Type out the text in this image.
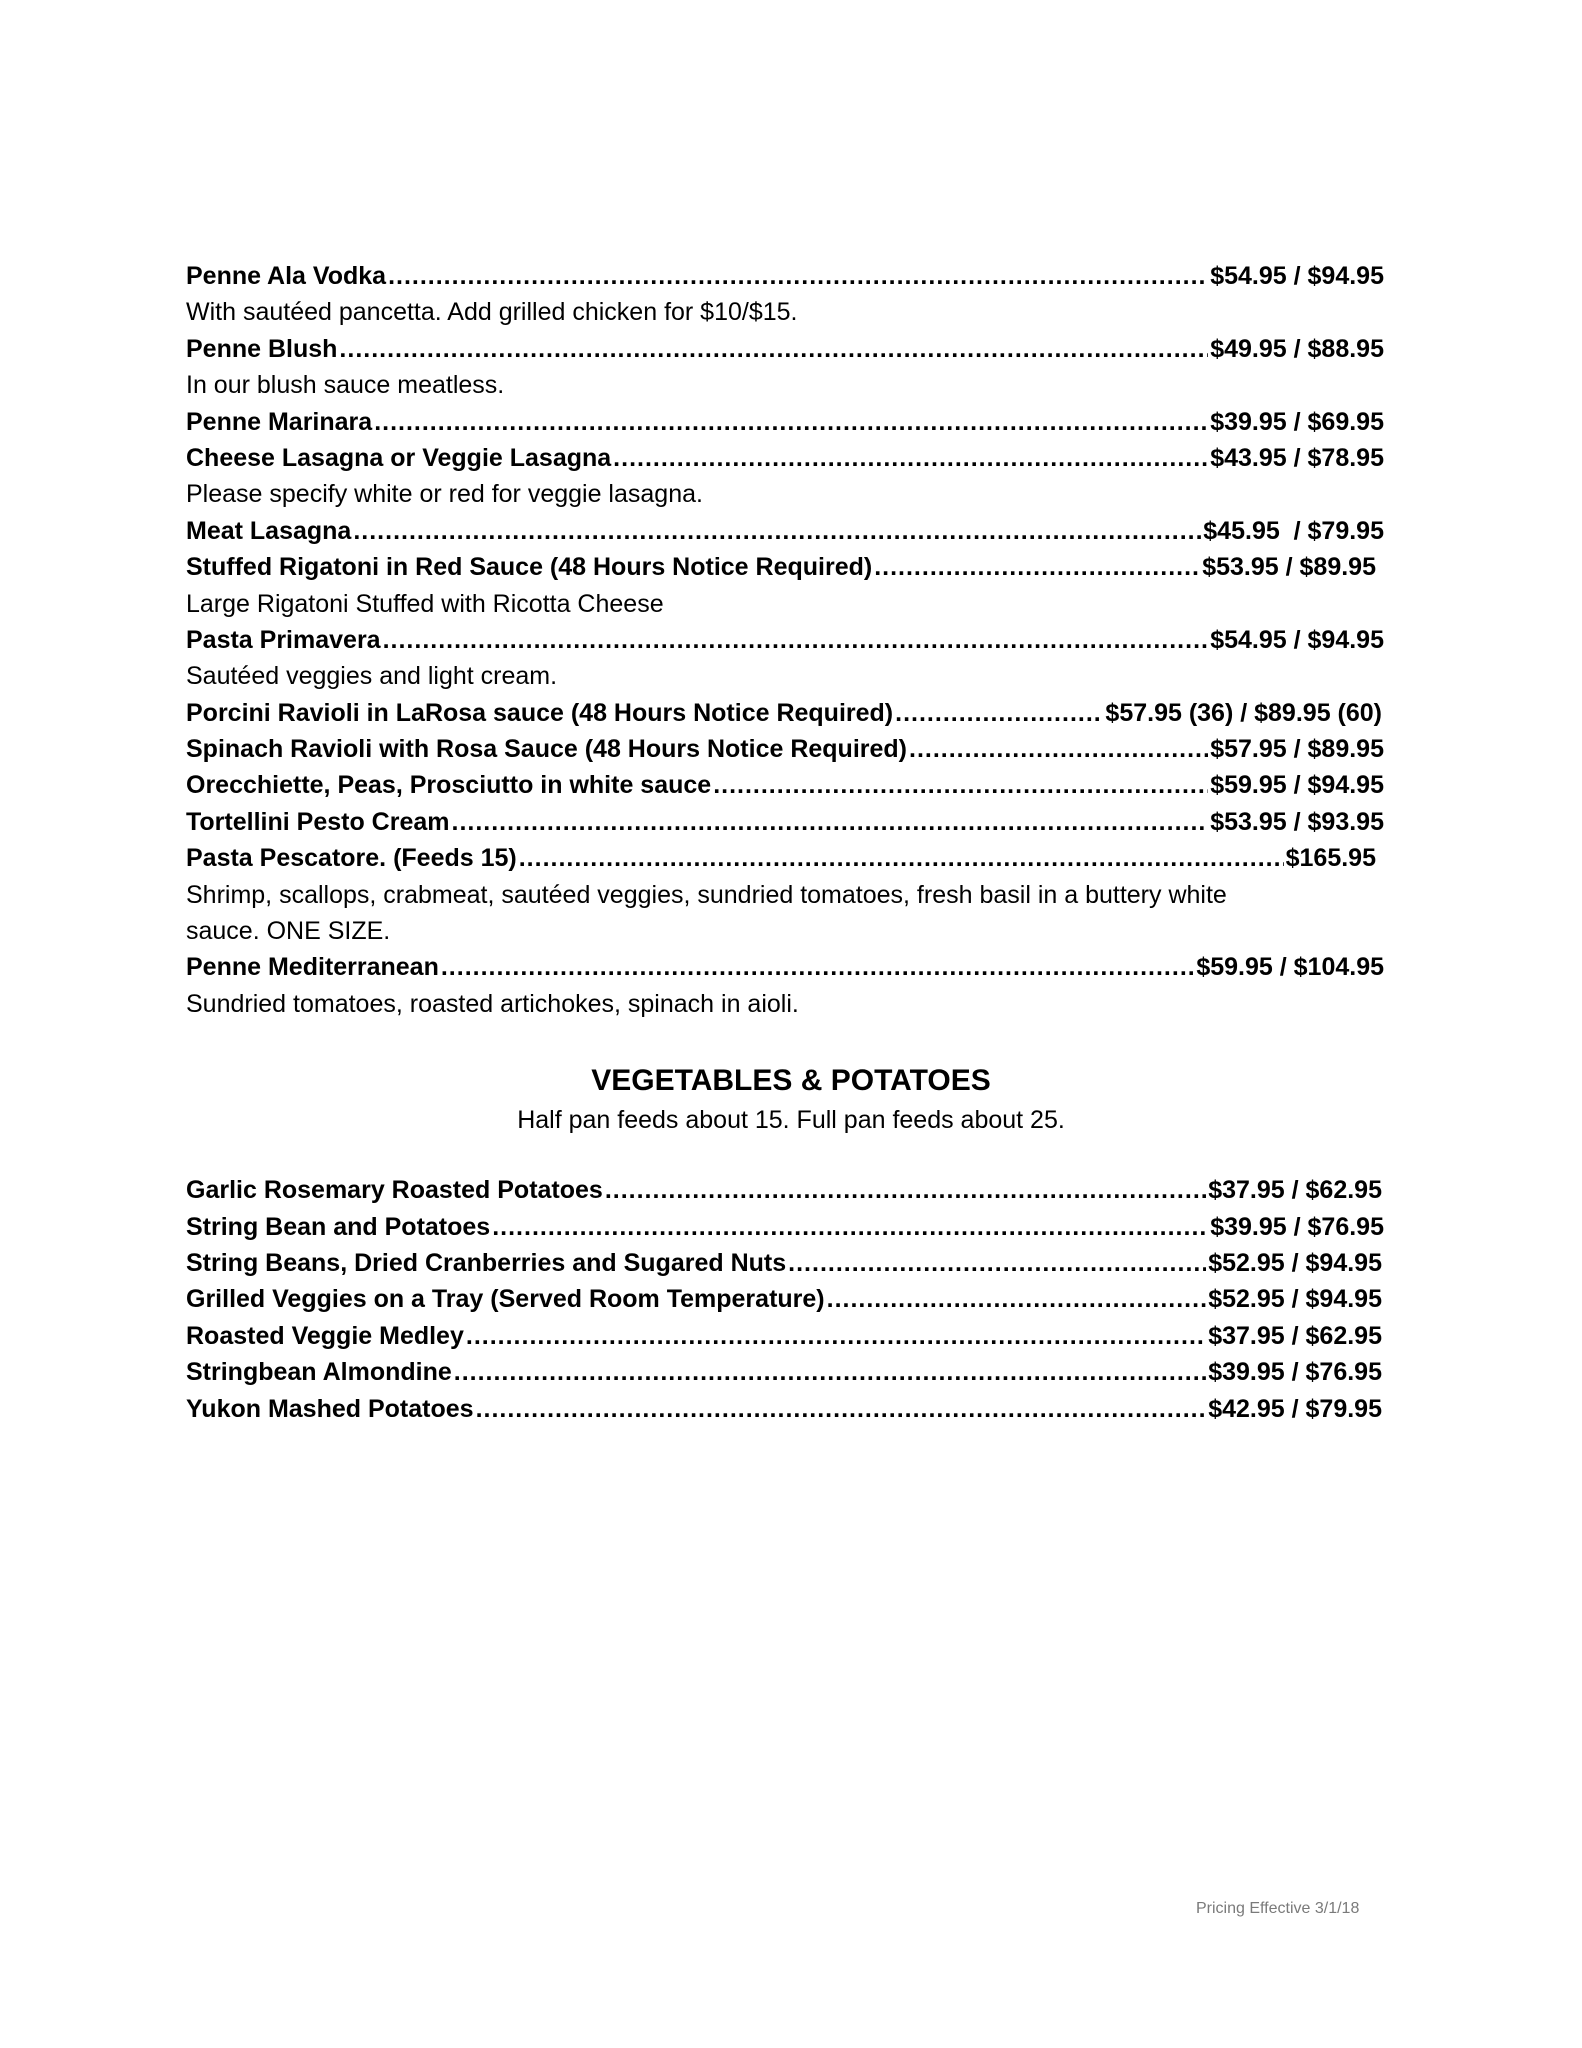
Penne Ala Vodka .....	$54.95 / $94.95
With sautéed pancetta. Add grilled chicken for $10/$15.
Penne Blush .....	$49.95 / $88.95
In our blush sauce meatless.
Penne Marinara .....	$39.95 / $69.95
Cheese Lasagna or Veggie Lasagna .....	$43.95 / $78.95
Please specify white or red for veggie lasagna.
Meat Lasagna .....	$45.95  / $79.95
Stuffed Rigatoni in Red Sauce (48 Hours Notice Required) .....	$53.95 / $89.95
Large Rigatoni Stuffed with Ricotta Cheese
Pasta Primavera .....	$54.95 / $94.95
Sautéed veggies and light cream.
Porcini Ravioli in LaRosa sauce (48 Hours Notice Required) .....	$57.95 (36) / $89.95 (60)
Spinach Ravioli with Rosa Sauce (48 Hours Notice Required) .....	$57.95 / $89.95
Orecchiette, Peas, Prosciutto in white sauce .....	$59.95 / $94.95
Tortellini Pesto Cream .....	$53.95 / $93.95
Pasta Pescatore. (Feeds 15) .....	$165.95
Shrimp, scallops, crabmeat, sautéed veggies, sundried tomatoes, fresh basil in a buttery white
sauce. ONE SIZE.
Penne Mediterranean .....	$59.95 / $104.95
Sundried tomatoes, roasted artichokes, spinach in aioli.
VEGETABLES & POTATOES
Half pan feeds about 15. Full pan feeds about 25.
Garlic Rosemary Roasted Potatoes .....	$37.95 / $62.95
String Bean and Potatoes .....	$39.95 / $76.95
String Beans, Dried Cranberries and Sugared Nuts .....	$52.95 / $94.95
Grilled Veggies on a Tray (Served Room Temperature) .....	$52.95 / $94.95
Roasted Veggie Medley .....	$37.95 / $62.95
Stringbean Almondine .....	$39.95 / $76.95
Yukon Mashed Potatoes .....	$42.95 / $79.95
Pricing Effective 3/1/18
